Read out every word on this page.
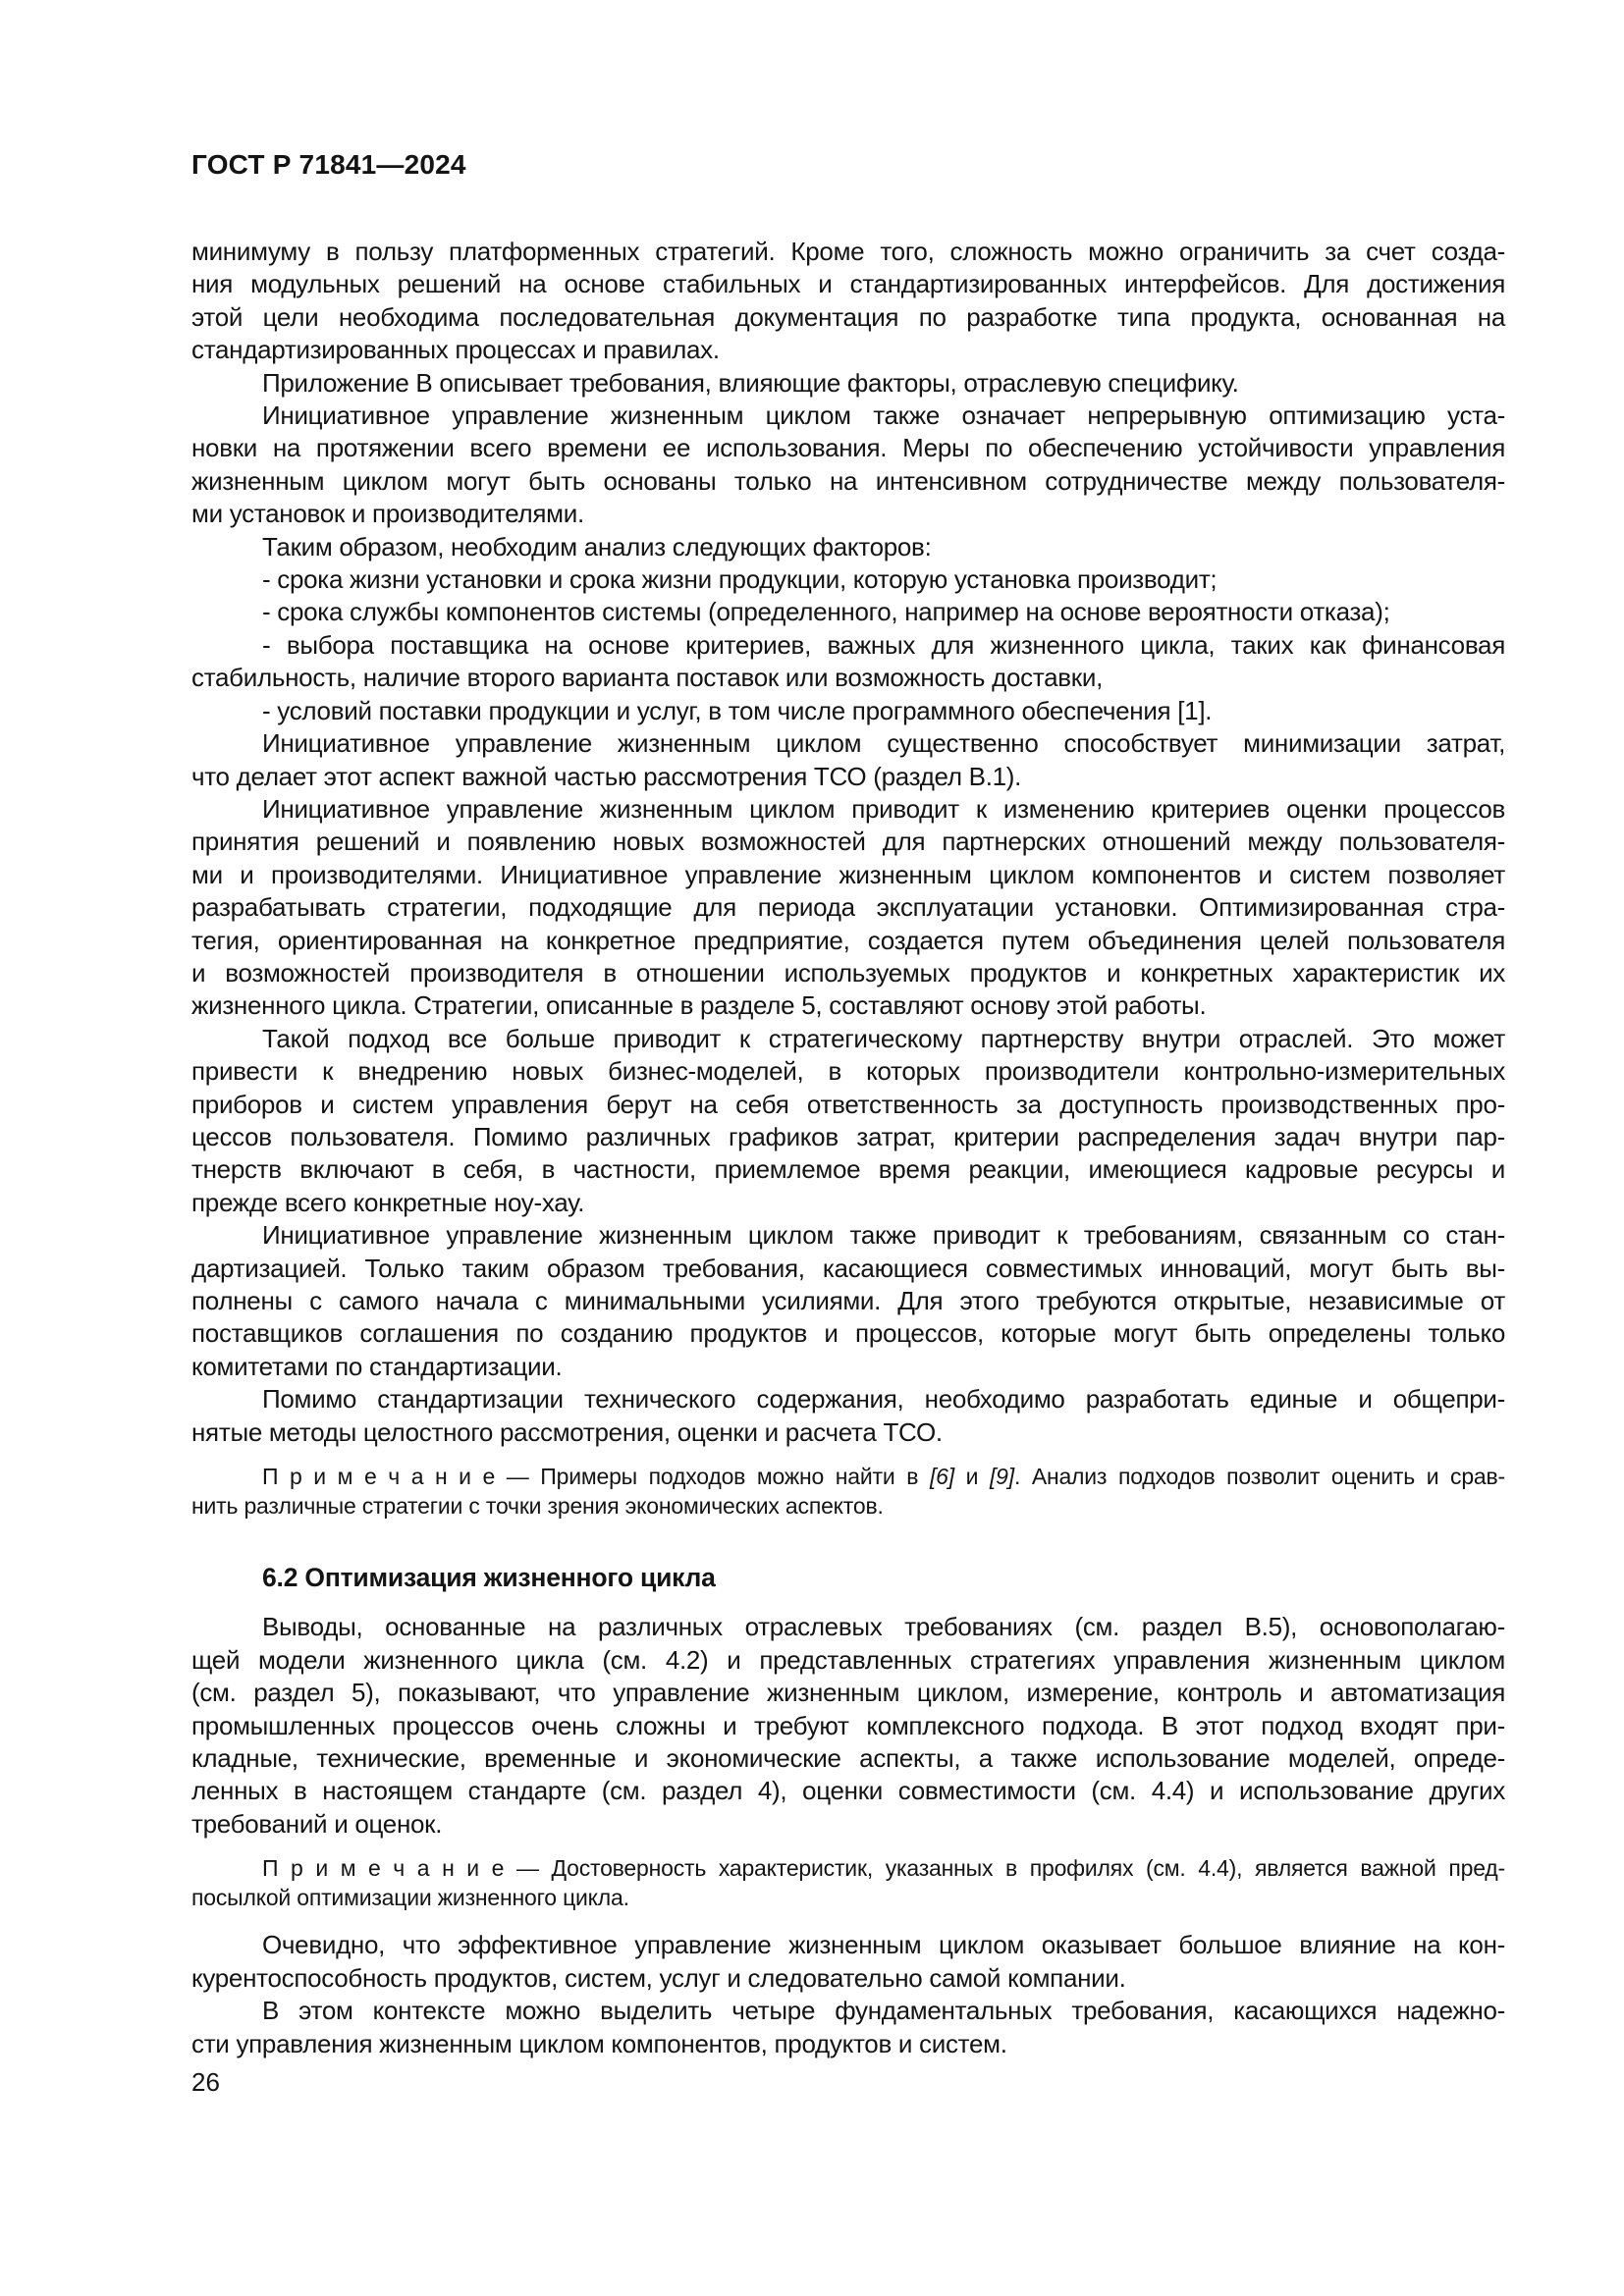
ГОСТ Р 71841—2024
минимуму в пользу платформенных стратегий. Кроме того, сложность можно ограничить за счет созда-
ния модульных решений на основе стабильных и стандартизированных интерфейсов. Для достижения
этой цели необходима последовательная документация по разработке типа продукта, основанная на
стандартизированных процессах и правилах.
Приложение В описывает требования, влияющие факторы, отраслевую специфику.
Инициативное управление жизненным циклом также означает непрерывную оптимизацию уста-
новки на протяжении всего времени ее использования. Меры по обеспечению устойчивости управления
жизненным циклом могут быть основаны только на интенсивном сотрудничестве между пользователя-
ми установок и производителями.
Таким образом, необходим анализ следующих факторов:
- срока жизни установки и срока жизни продукции, которую установка производит;
- срока службы компонентов системы (определенного, например на основе вероятности отказа);
- выбора поставщика на основе критериев, важных для жизненного цикла, таких как финансовая
стабильность, наличие второго варианта поставок или возможность доставки,
- условий поставки продукции и услуг, в том числе программного обеспечения [1].
Инициативное управление жизненным циклом существенно способствует минимизации затрат,
что делает этот аспект важной частью рассмотрения ТСО (раздел В.1).
Инициативное управление жизненным циклом приводит к изменению критериев оценки процессов
принятия решений и появлению новых возможностей для партнерских отношений между пользователя-
ми и производителями. Инициативное управление жизненным циклом компонентов и систем позволяет
разрабатывать стратегии, подходящие для периода эксплуатации установки. Оптимизированная стра-
тегия, ориентированная на конкретное предприятие, создается путем объединения целей пользователя
и возможностей производителя в отношении используемых продуктов и конкретных характеристик их
жизненного цикла. Стратегии, описанные в разделе 5, составляют основу этой работы.
Такой подход все больше приводит к стратегическому партнерству внутри отраслей. Это может
привести к внедрению новых бизнес-моделей, в которых производители контрольно-измерительных
приборов и систем управления берут на себя ответственность за доступность производственных про-
цессов пользователя. Помимо различных графиков затрат, критерии распределения задач внутри пар-
тнерств включают в себя, в частности, приемлемое время реакции, имеющиеся кадровые ресурсы и
прежде всего конкретные ноу-хау.
Инициативное управление жизненным циклом также приводит к требованиям, связанным со стан-
дартизацией. Только таким образом требования, касающиеся совместимых инноваций, могут быть вы-
полнены с самого начала с минимальными усилиями. Для этого требуются открытые, независимые от
поставщиков соглашения по созданию продуктов и процессов, которые могут быть определены только
комитетами по стандартизации.
Помимо стандартизации технического содержания, необходимо разработать единые и общепри-
нятые методы целостного рассмотрения, оценки и расчета ТСО.
П р и м е ч а н и е — Примеры подходов можно найти в [6] и [9]. Анализ подходов позволит оценить и срав-
нить различные стратегии с точки зрения экономических аспектов.
6.2 Оптимизация жизненного цикла
Выводы, основанные на различных отраслевых требованиях (см. раздел В.5), основополагаю-
щей модели жизненного цикла (см. 4.2) и представленных стратегиях управления жизненным циклом
(см. раздел 5), показывают, что управление жизненным циклом, измерение, контроль и автоматизация
промышленных процессов очень сложны и требуют комплексного подхода. В этот подход входят при-
кладные, технические, временные и экономические аспекты, а также использование моделей, опреде-
ленных в настоящем стандарте (см. раздел 4), оценки совместимости (см. 4.4) и использование других
требований и оценок.
П р и м е ч а н и е — Достоверность характеристик, указанных в профилях (см. 4.4), является важной пред-
посылкой оптимизации жизненного цикла.
Очевидно, что эффективное управление жизненным циклом оказывает большое влияние на кон-
курентоспособность продуктов, систем, услуг и следовательно самой компании.
В этом контексте можно выделить четыре фундаментальных требования, касающихся надежно-
сти управления жизненным циклом компонентов, продуктов и систем.
26
